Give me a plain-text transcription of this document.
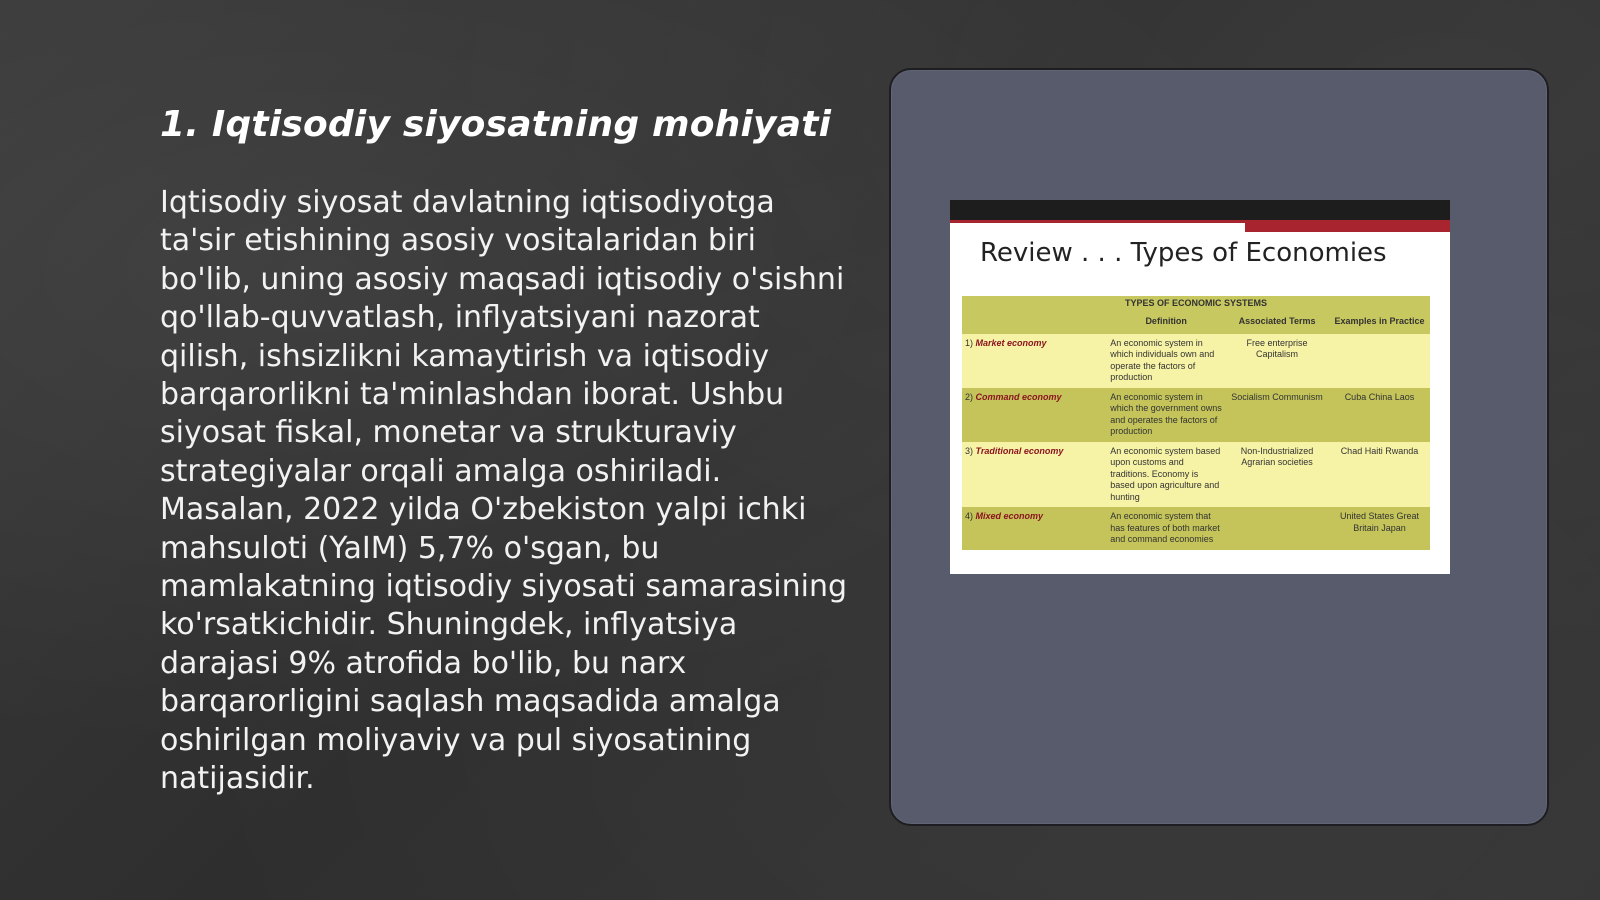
1. Iqtisodiy siyosatning mohiyati

Iqtisodiy siyosat davlatning iqtisodiyotga ta'sir etishining asosiy vositalaridan biri bo'lib, uning asosiy maqsadi iqtisodiy o'sishni qo'llab-quvvatlash, inflyatsiyani nazorat qilish, ishsizlikni kamaytirish va iqtisodiy barqarorlikni ta'minlashdan iborat. Ushbu siyosat fiskal, monetar va strukturaviy strategiyalar orqali amalga oshiriladi. Masalan, 2022 yilda O'zbekiston yalpi ichki mahsuloti (YaIM) 5,7% o'sgan, bu mamlakatning iqtisodiy siyosati samarasining ko'rsatkichidir. Shuningdek, inflyatsiya darajasi 9% atrofida bo'lib, bu narx barqarorligini saqlash maqsadida amalga oshirilgan moliyaviy va pul siyosatining natijasidir.

Review . . . Types of Economies
TYPES OF ECONOMIC SYSTEMS			
	Definition	Associated Terms	Examples in Practice
1) Market economy	An economic system in which individuals own and operate the factors of production	Free enterprise Capitalism	
2) Command economy	An economic system in which the government owns and operates the factors of production	Socialism Communism	Cuba China Laos
3) Traditional economy	An economic system based upon customs and traditions. Economy is based upon agriculture and hunting	Non-Industrialized Agrarian societies	Chad Haiti Rwanda
4) Mixed economy	An economic system that has features of both market and command economies		United States Great Britain Japan
